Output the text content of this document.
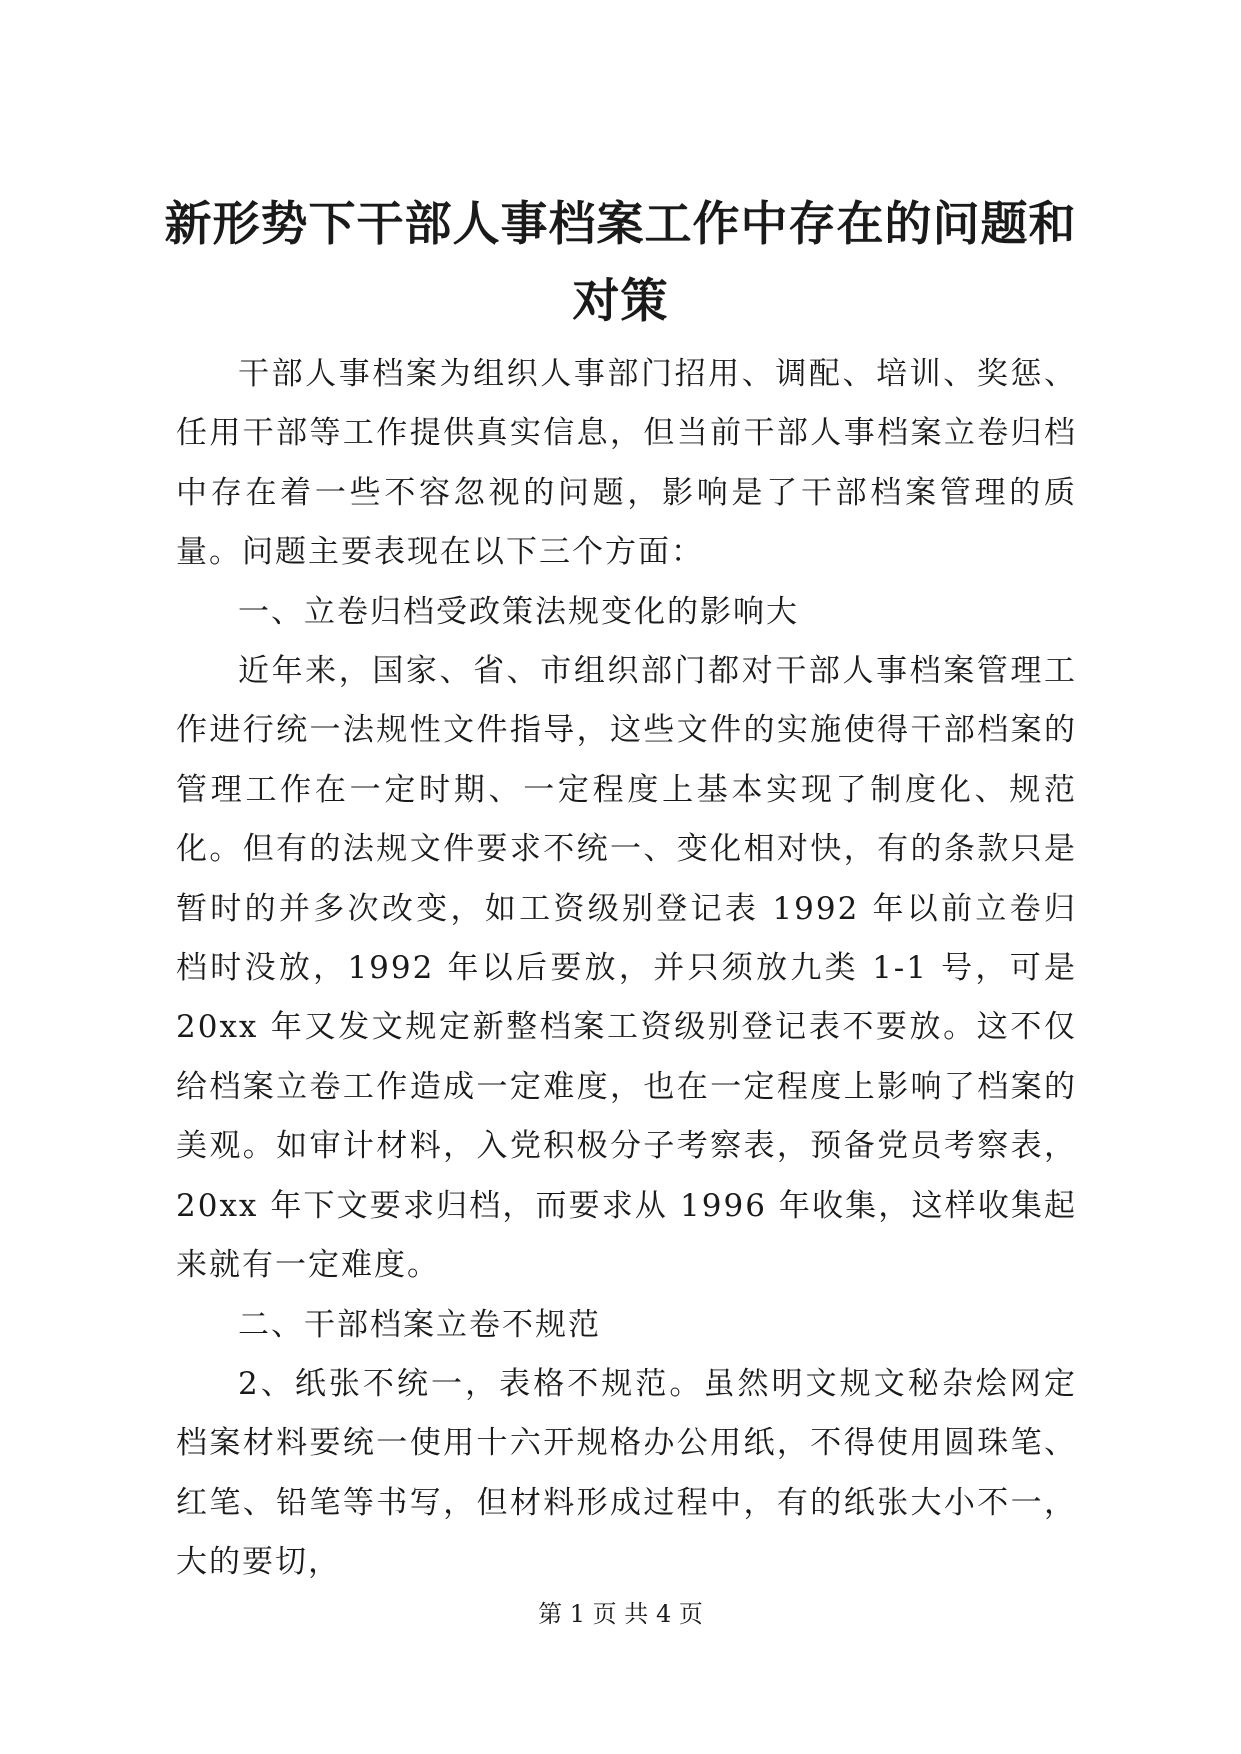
新形势下干部人事档案工作中存在的问题和对策

干部人事档案为组织人事部门招用、调配、培训、奖惩、任用干部等工作提供真实信息，但当前干部人事档案立卷归档中存在着一些不容忽视的问题，影响是了干部档案管理的质量。问题主要表现在以下三个方面：

一、立卷归档受政策法规变化的影响大

近年来，国家、省、市组织部门都对干部人事档案管理工作进行统一法规性文件指导，这些文件的实施使得干部档案的管理工作在一定时期、一定程度上基本实现了制度化、规范化。但有的法规文件要求不统一、变化相对快，有的条款只是暂时的并多次改变，如工资级别登记表 1992 年以前立卷归档时没放，1992 年以后要放，并只须放九类 1-1 号，可是 20xx 年又发文规定新整档案工资级别登记表不要放。这不仅给档案立卷工作造成一定难度，也在一定程度上影响了档案的美观。如审计材料，入党积极分子考察表，预备党员考察表，20xx 年下文要求归档，而要求从 1996 年收集，这样收集起来就有一定难度。

二、干部档案立卷不规范

2、纸张不统一，表格不规范。虽然明文规文秘杂烩网定档案材料要统一使用十六开规格办公用纸，不得使用圆珠笔、红笔、铅笔等书写，但材料形成过程中，有的纸张大小不一，大的要切，

第 1 页 共 4 页
